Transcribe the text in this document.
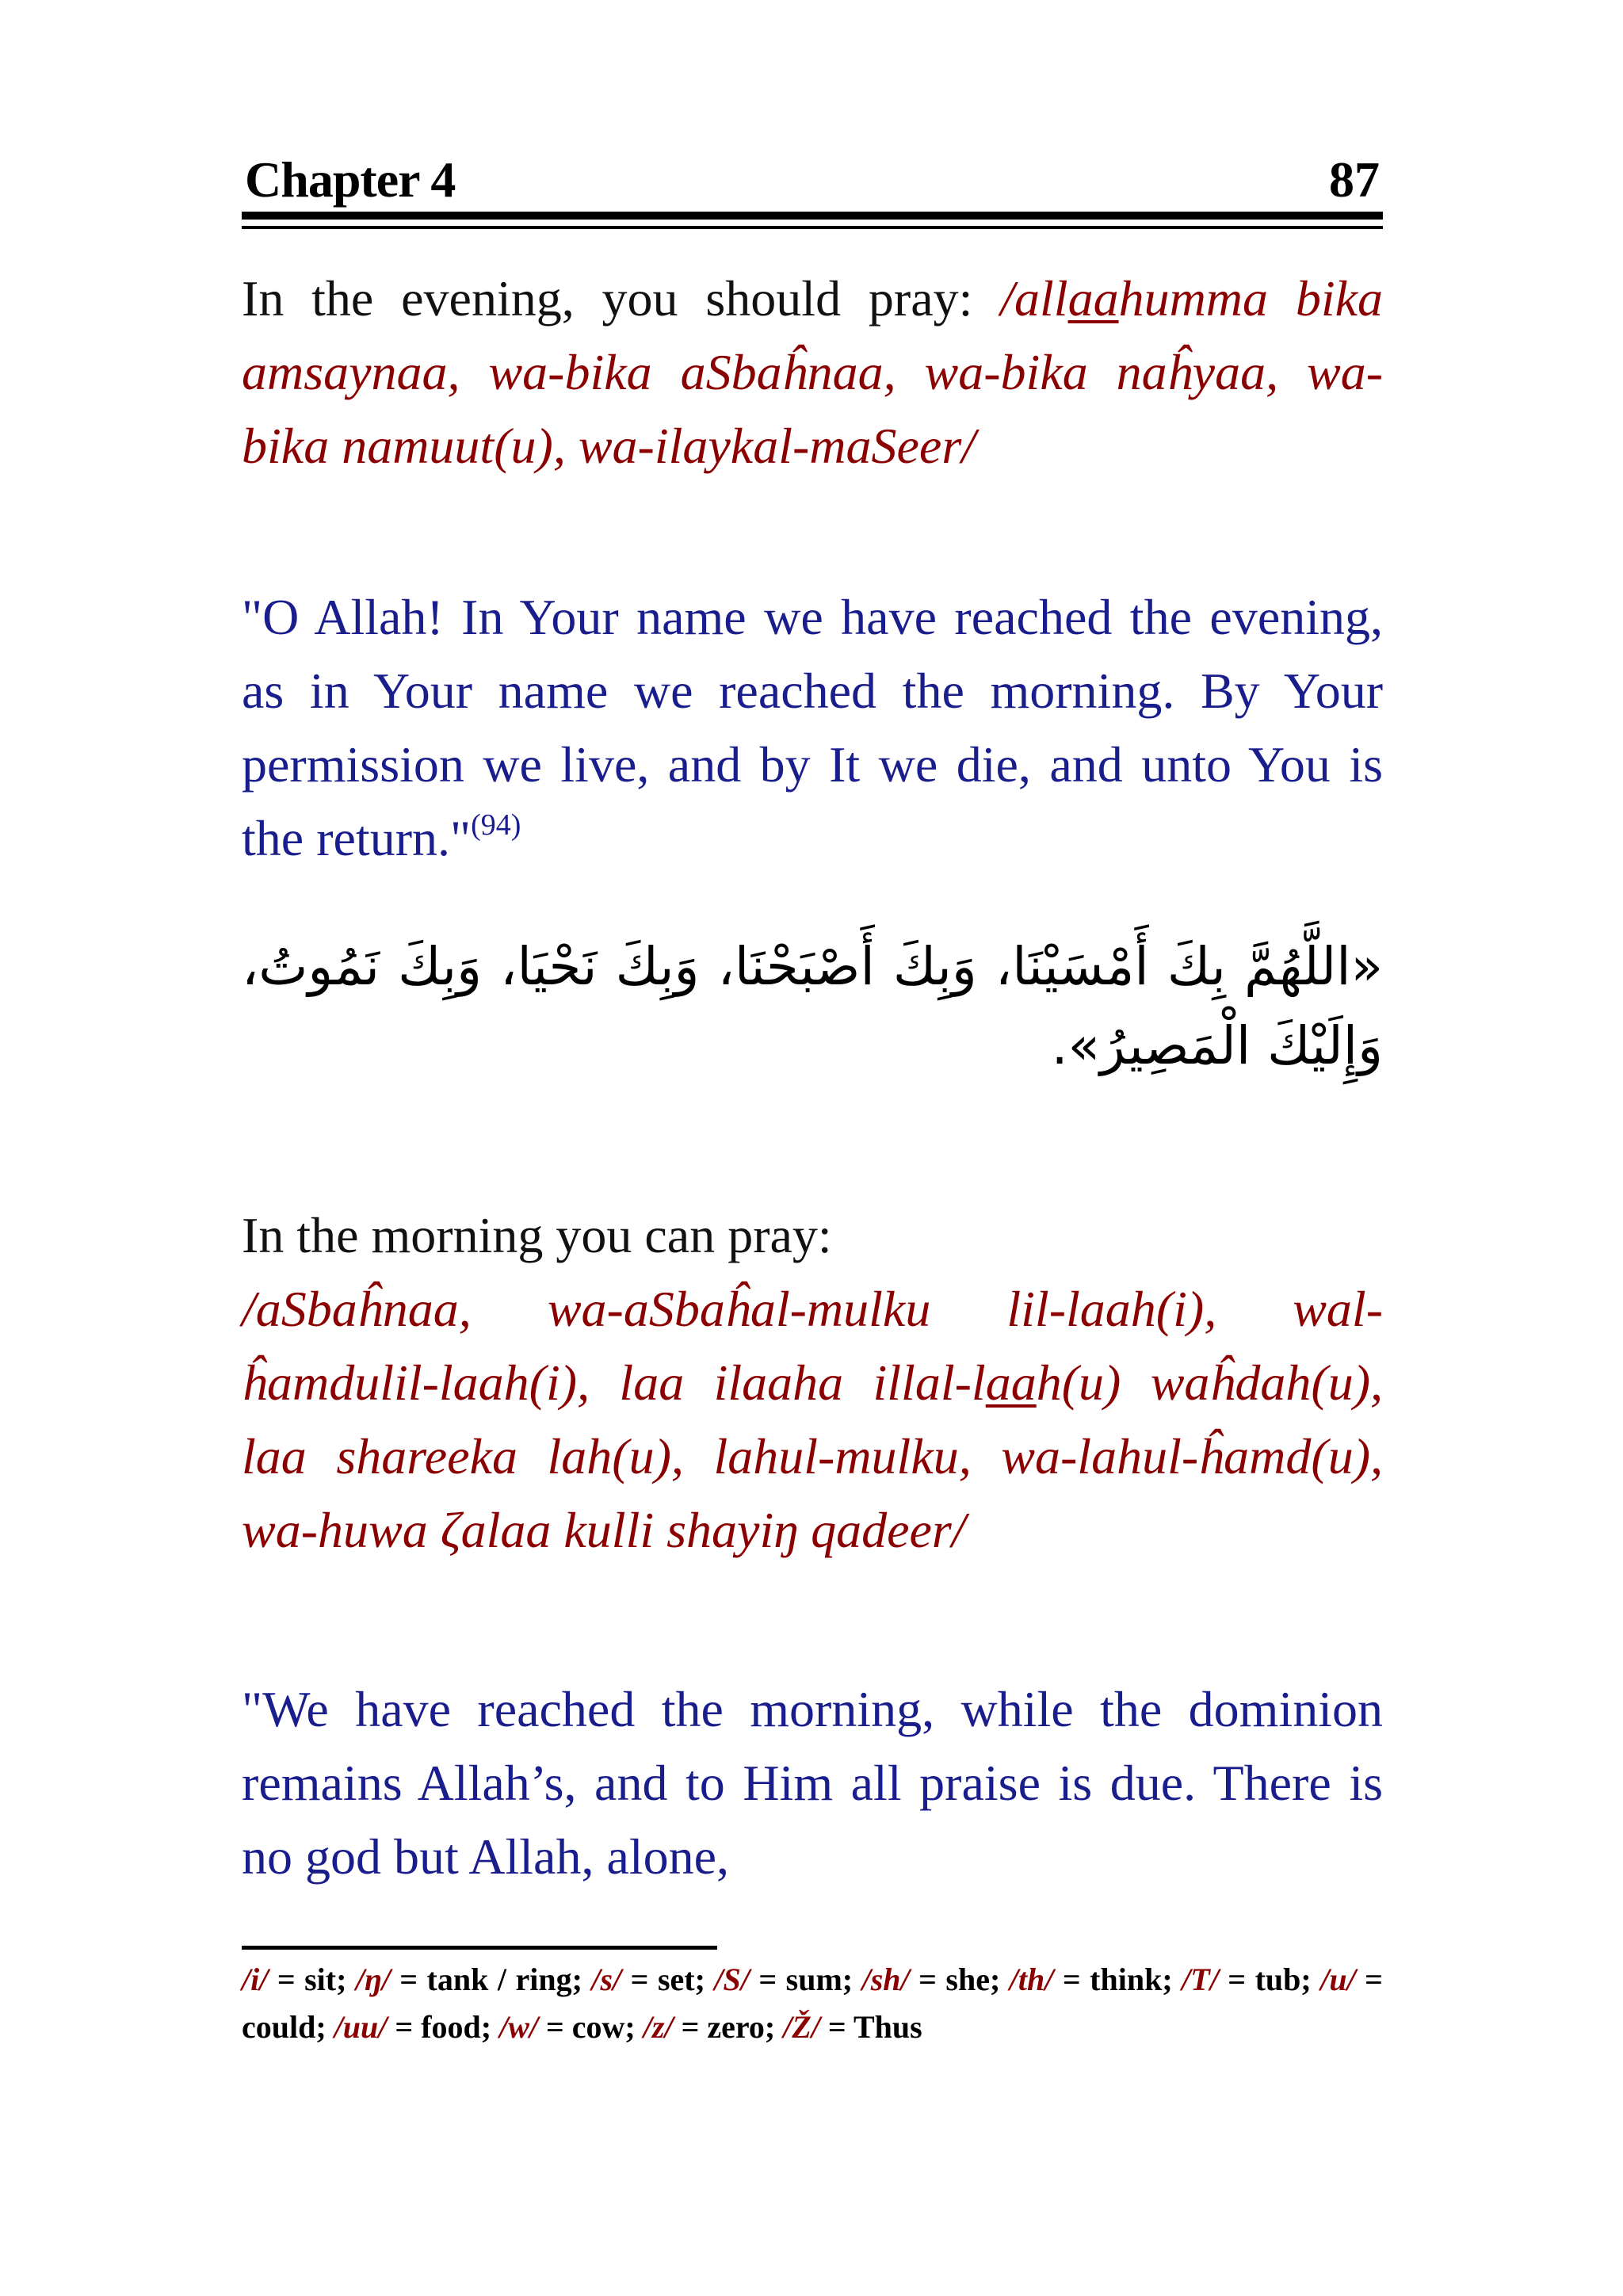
Chapter 4	87
In the evening, you should pray: /allaahumma bika amsaynaa, wa-bika aSbaĥnaa, wa-bika naĥyaa, wa-bika namuut(u), wa-ilaykal-maSeer/
"O Allah! In Your name we have reached the evening, as in Your name we reached the morning. By Your permission we live, and by It we die, and unto You is the return."$^{(94)}$
«اللَّهُمَّ بِكَ أَمْسَيْنَا، وَبِكَ أَصْبَحْنَا، وَبِكَ نَحْيَا، وَبِكَ نَمُوتُ، وَإِلَيْكَ الْمَصِيرُ».
In the morning you can pray:
/aSbaĥnaa, wa-aSbaĥal-mulku lil-laah(i), wal-ĥamdulil-laah(i), laa ilaaha illal-laah(u) waĥdah(u), laa shareeka lah(u), lahul-mulku, wa-lahul-ĥamd(u), wa-huwa ζalaa kulli shayiŋ qadeer/
"We have reached the morning, while the dominion remains Allah’s, and to Him all praise is due. There is no god but Allah, alone,
/i/ = sit; /ŋ/ = tank / ring; /s/ = set; /S/ = sum; /sh/ = she; /th/ = think; /T/ = tub; /u/ = could; /uu/ = food; /w/ = cow; /z/ = zero; /Ž/ = Thus
